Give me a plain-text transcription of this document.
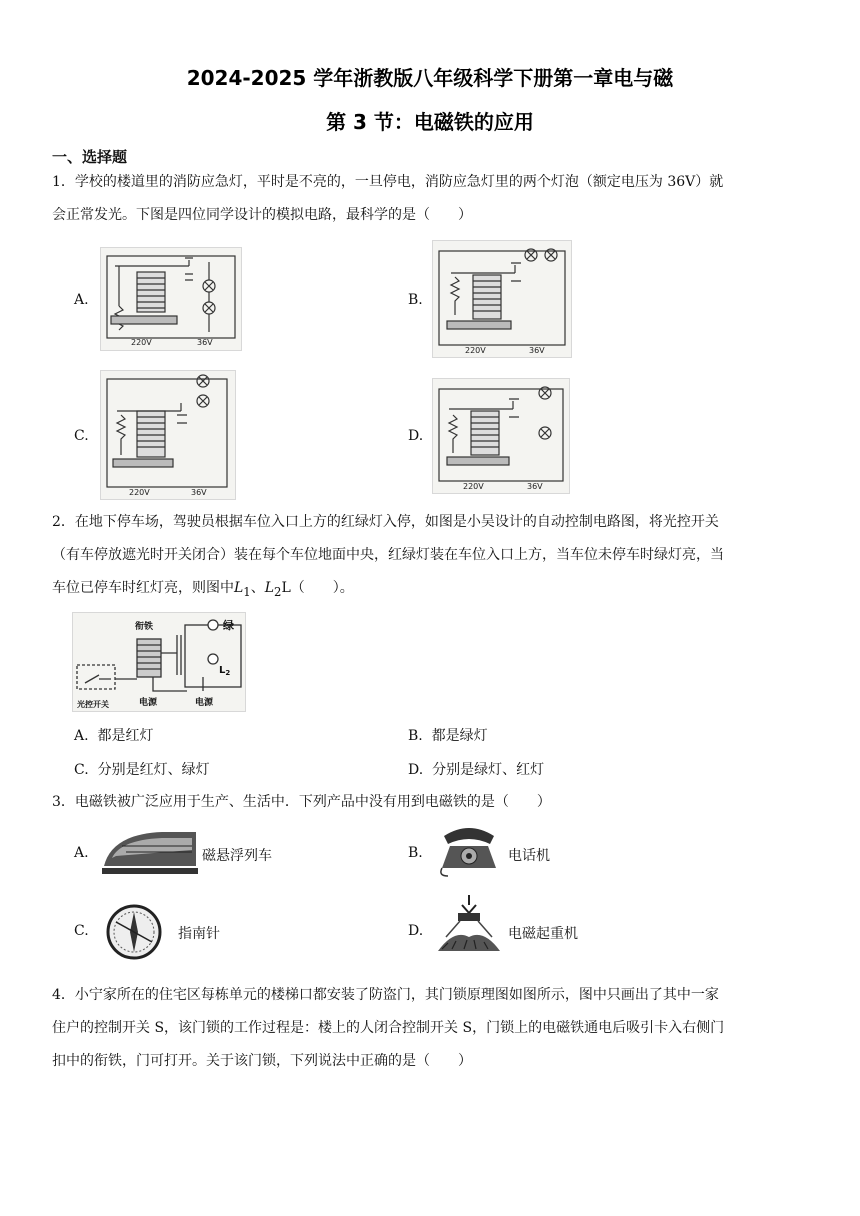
2024-2025 学年浙教版八年级科学下册第一章电与磁
第 3 节：电磁铁的应用
一、选择题
1．学校的楼道里的消防应急灯，平时是不亮的，一旦停电，消防应急灯里的两个灯泡（额定电压为 36V）就
会正常发光。下图是四位同学设计的模拟电路，最科学的是（　　）
A.
220V	36V
B.
220V	36V
C.
220V	36V
D.
220V	36V
2．在地下停车场，驾驶员根据车位入口上方的红绿灯入停，如图是小吴设计的自动控制电路图，将光控开关
（有车停放遮光时开关闭合）装在每个车位地面中央，红绿灯装在车位入口上方，当车位未停车时绿灯亮，当
车位已停车时红灯亮，则图中$L_1$、$L_2L$（　　）。
衔铁	绿
$L_2$
光控开关	电源	电源
A. 都是红灯	B. 都是绿灯
C. 分别是红灯、绿灯	D. 分别是绿灯、红灯
3．电磁铁被广泛应用于生产、生活中．下列产品中没有用到电磁铁的是（　　）
A.	磁悬浮列车	B.	电话机
C.	指南针	D.	电磁起重机
4．小宁家所在的住宅区每栋单元的楼梯口都安装了防盗门，其门锁原理图如图所示，图中只画出了其中一家
住户的控制开关 S，该门锁的工作过程是：楼上的人闭合控制开关 S，门锁上的电磁铁通电后吸引卡入右侧门
扣中的衔铁，门可打开。关于该门锁，下列说法中正确的是（　　）
